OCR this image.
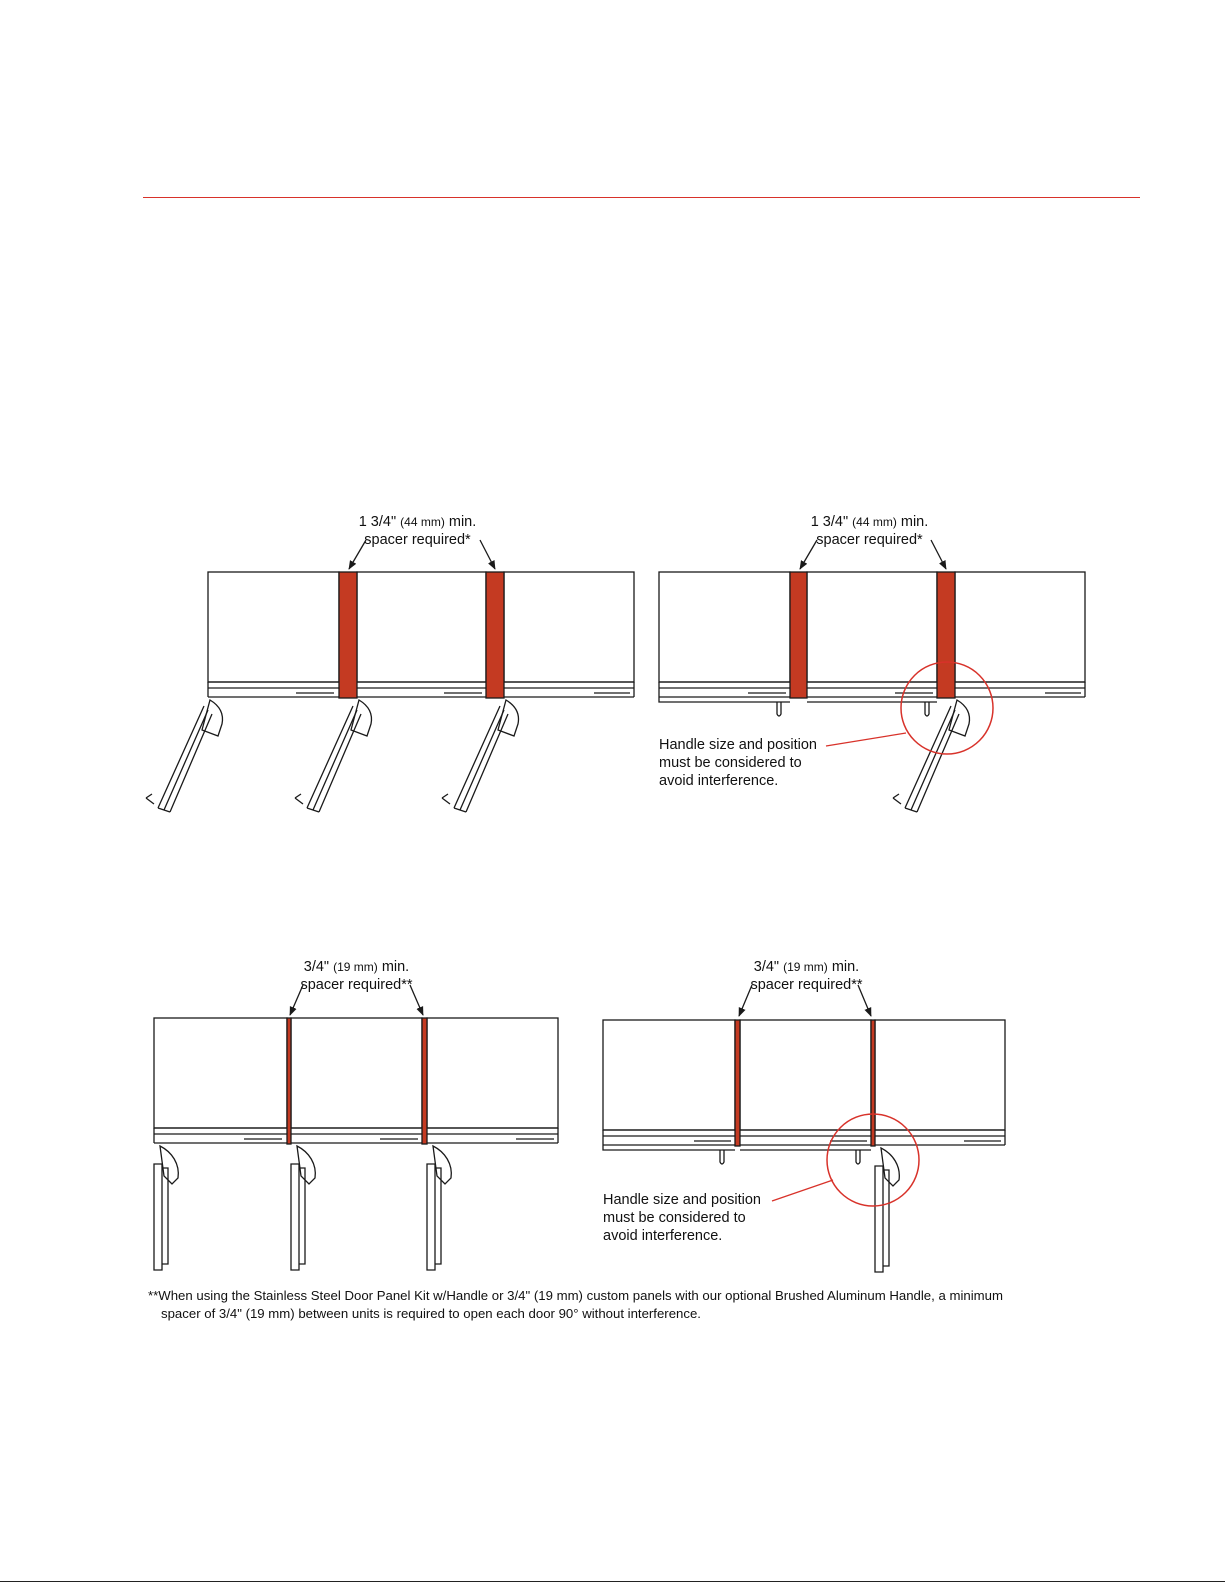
1 3/4" (44 mm) min.
spacer required*
1 3/4" (44 mm) min.
spacer required*
Handle size and position
must be considered to
avoid interference.
3/4" (19 mm) min.
spacer required**
3/4" (19 mm) min.
spacer required**
Handle size and position
must be considered to
avoid interference.
**When using the Stainless Steel Door Panel Kit w/Handle or 3/4" (19 mm) custom panels with our optional Brushed Aluminum Handle, a minimum
spacer of 3/4" (19 mm) between units is required to open each door 90° without interference.
